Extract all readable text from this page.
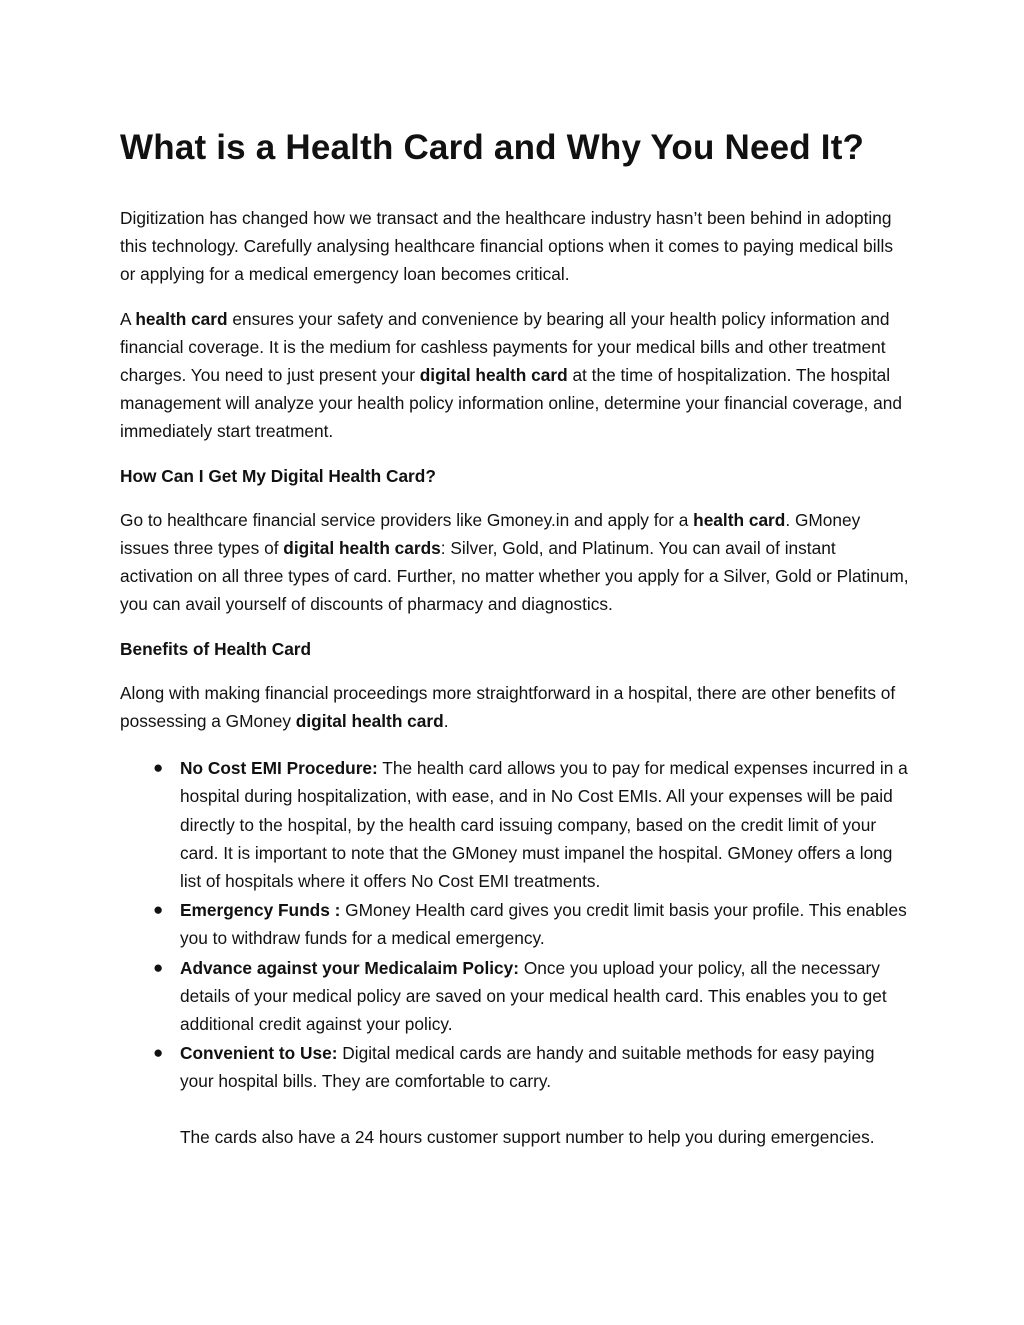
What is a Health Card and Why You Need It?

Digitization has changed how we transact and the healthcare industry hasn’t been behind in adopting this technology. Carefully analysing healthcare financial options when it comes to paying medical bills or applying for a medical emergency loan becomes critical.

A health card ensures your safety and convenience by bearing all your health policy information and financial coverage. It is the medium for cashless payments for your medical bills and other treatment charges. You need to just present your digital health card at the time of hospitalization. The hospital management will analyze your health policy information online, determine your financial coverage, and immediately start treatment.

How Can I Get My Digital Health Card?

Go to healthcare financial service providers like Gmoney.in and apply for a health card. GMoney issues three types of digital health cards: Silver, Gold, and Platinum. You can avail of instant activation on all three types of card. Further, no matter whether you apply for a Silver, Gold or Platinum, you can avail yourself of discounts of pharmacy and diagnostics.

Benefits of Health Card

Along with making financial proceedings more straightforward in a hospital, there are other benefits of possessing a GMoney digital health card.

● No Cost EMI Procedure: The health card allows you to pay for medical expenses incurred in a hospital during hospitalization, with ease, and in No Cost EMIs. All your expenses will be paid directly to the hospital, by the health card issuing company, based on the credit limit of your card. It is important to note that the GMoney must impanel the hospital. GMoney offers a long list of hospitals where it offers No Cost EMI treatments.
● Emergency Funds : GMoney Health card gives you credit limit basis your profile. This enables you to withdraw funds for a medical emergency.
● Advance against your Medicalaim Policy: Once you upload your policy, all the necessary details of your medical policy are saved on your medical health card. This enables you to get additional credit against your policy.
● Convenient to Use: Digital medical cards are handy and suitable methods for easy paying your hospital bills. They are comfortable to carry.
The cards also have a 24 hours customer support number to help you during emergencies.
